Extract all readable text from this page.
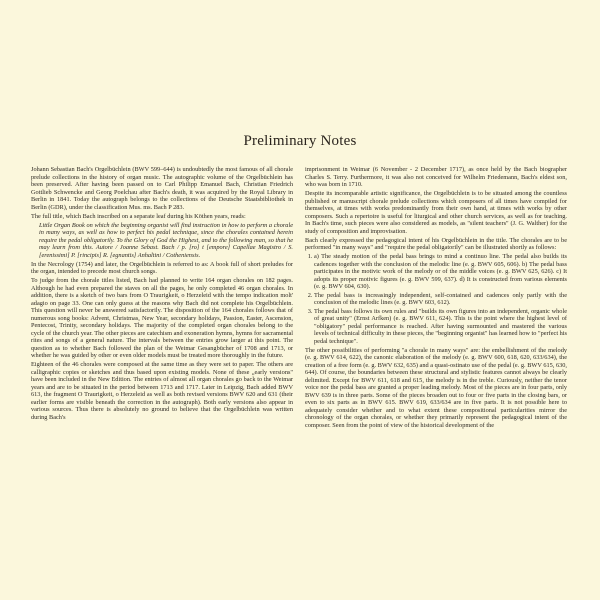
Preliminary Notes

Johann Sebastian Bach's Orgelbüchlein (BWV 599–644) is undoubtedly the most famous of all chorale prelude collections in the history of organ music. The autographic volume of the Orgelbüchlein has been preserved. After having been passed on to Carl Philipp Emanuel Bach, Christian Friedrich Gottlieb Schwencke and Georg Poelchau after Bach's death, it was acquired by the Royal Library in Berlin in 1841. Today the autograph belongs to the collections of the Deutsche Staatsbibliothek in Berlin (GDR), under the classification Mus. ms. Bach P 283.

The full title, which Bach inscribed on a separate leaf during his Köthen years, reads:

Little Organ Book on which the beginning organist will find instruction in how to perform a chorale in many ways, as well as how to perfect his pedal technique, since the chorales contained herein require the pedal obligatorily. To the Glory of God the Highest, and to the following man, so that he may learn from this. Autore / Joanne Sebast. Bach / p. [ro] t [empore] Capellae Magistro / S. [erenissimi] P. [rincipis] R. [egnantis] Anhaltini / Cotheniensis.

In the Necrology (1754) and later, the Orgelbüchlein is referred to as: A book full of short preludes for the organ, intended to precede most church songs.

To judge from the chorale titles listed, Bach had planned to write 164 organ chorales on 182 pages. Although he had even prepared the staves on all the pages, he only completed 46 organ chorales. In addition, there is a sketch of two bars from O Traurigkeit, o Herzeleid with the tempo indication molt' adagio on page 33. One can only guess at the reasons why Bach did not complete his Orgelbüchlein. This question will never be answered satisfactorily. The disposition of the 164 chorales follows that of numerous song books: Advent, Christmas, New Year, secondary holidays, Passion, Easter, Ascension, Pentecost, Trinity, secondary holidays. The majority of the completed organ chorales belong to the cycle of the church year. The other pieces are catechism and exoneration hymns, hymns for sacramental rites and songs of a general nature. The intervals between the entries grow larger at this point. The question as to whether Bach followed the plan of the Weimar Gesangbücher of 1708 and 1713, or whether he was guided by other or even older models must be treated more thoroughly in the future.

Eighteen of the 46 chorales were composed at the same time as they were set to paper. The others are calligraphic copies or sketches and thus based upon existing models. None of these „early versions" have been included in the New Edition. The entries of almost all organ chorales go back to the Weimar years and are to be situated in the period between 1713 and 1717. Later in Leipzig, Bach added BWV 613, the fragment O Traurigkeit, o Herzeleid as well as both revised versions BWV 620 and 631 (their earlier forms are visible beneath the correction in the autograph). Both early versions also appear in various sources. Thus there is absolutely no ground to believe that the Orgelbüchlein was written during Bach's

imprisonment in Weimar (6 November - 2 December 1717), as once held by the Bach biographer Charles S. Terry. Furthermore, it was also not conceived for Wilhelm Friedemann, Bach's eldest son, who was born in 1710.

Despite its incomparable artistic significance, the Orgelbüchlein is to be situated among the countless published or manuscript chorale prelude collections which composers of all times have compiled for themselves, at times with works predominantly from their own hand, at times with works by other composers. Such a repertoire is useful for liturgical and other church services, as well as for teaching. In Bach's time, such pieces were also considered as models, as "silent teachers" (J. G. Walther) for the study of composition and improvisation.

Bach clearly expressed the pedagogical intent of his Orgelbüchlein in the title. The chorales are to be performed "in many ways" and "require the pedal obligatorily" can be illustrated shortly as follows:

1. a) The steady motion of the pedal bass brings to mind a continuo line. The pedal also builds its cadences together with the conclusion of the melodic line (e. g. BWV 605, 606). b) The pedal bass participates in the motivic work of the melody or of the middle voices (e. g. BWV 625, 626). c) It adopts its proper motivic figures (e. g. BWV 599, 637). d) It is constructed from various elements (e. g. BWV 604, 630).
2. The pedal bass is increasingly independent, self-contained and cadences only partly with the conclusion of the melodic lines (e. g. BWV 603, 612).
3. The pedal bass follows its own rules and "builds its own figures into an independent, organic whole of great unity" (Ernst Arfken) (e. g. BWV 611, 624). This is the point where the highest level of "obligatory" pedal performance is reached. After having surmounted and mastered the various levels of technical difficulty in these pieces, the "beginning organist" has learned how to "perfect his pedal technique".

The other possibilities of performing "a chorale in many ways" are: the embellishment of the melody (e. g. BWV 614, 622), the canonic elaboration of the melody (e. g. BWV 600, 618, 620, 633/634), the creation of a free form (e. g. BWV 632, 635) and a quasi-ostinato use of the pedal (e. g. BWV 615, 630, 644). Of course, the boundaries between these structural and stylistic features cannot always be clearly delimited. Except for BWV 611, 618 and 615, the melody is in the treble. Curiously, neither the tenor voice nor the pedal bass are granted a proper leading melody. Most of the pieces are in four parts, only BWV 639 is in three parts. Some of the pieces broaden out to four or five parts in the closing bars, or even to six parts as in BWV 615. BWV 619, 633/634 are in five parts. It is not possible here to adequately consider whether and to what extent these compositional particularities mirror the chronology of the organ chorales, or whether they primarily represent the pedagogical intent of the composer. Seen from the point of view of the historical development of the
